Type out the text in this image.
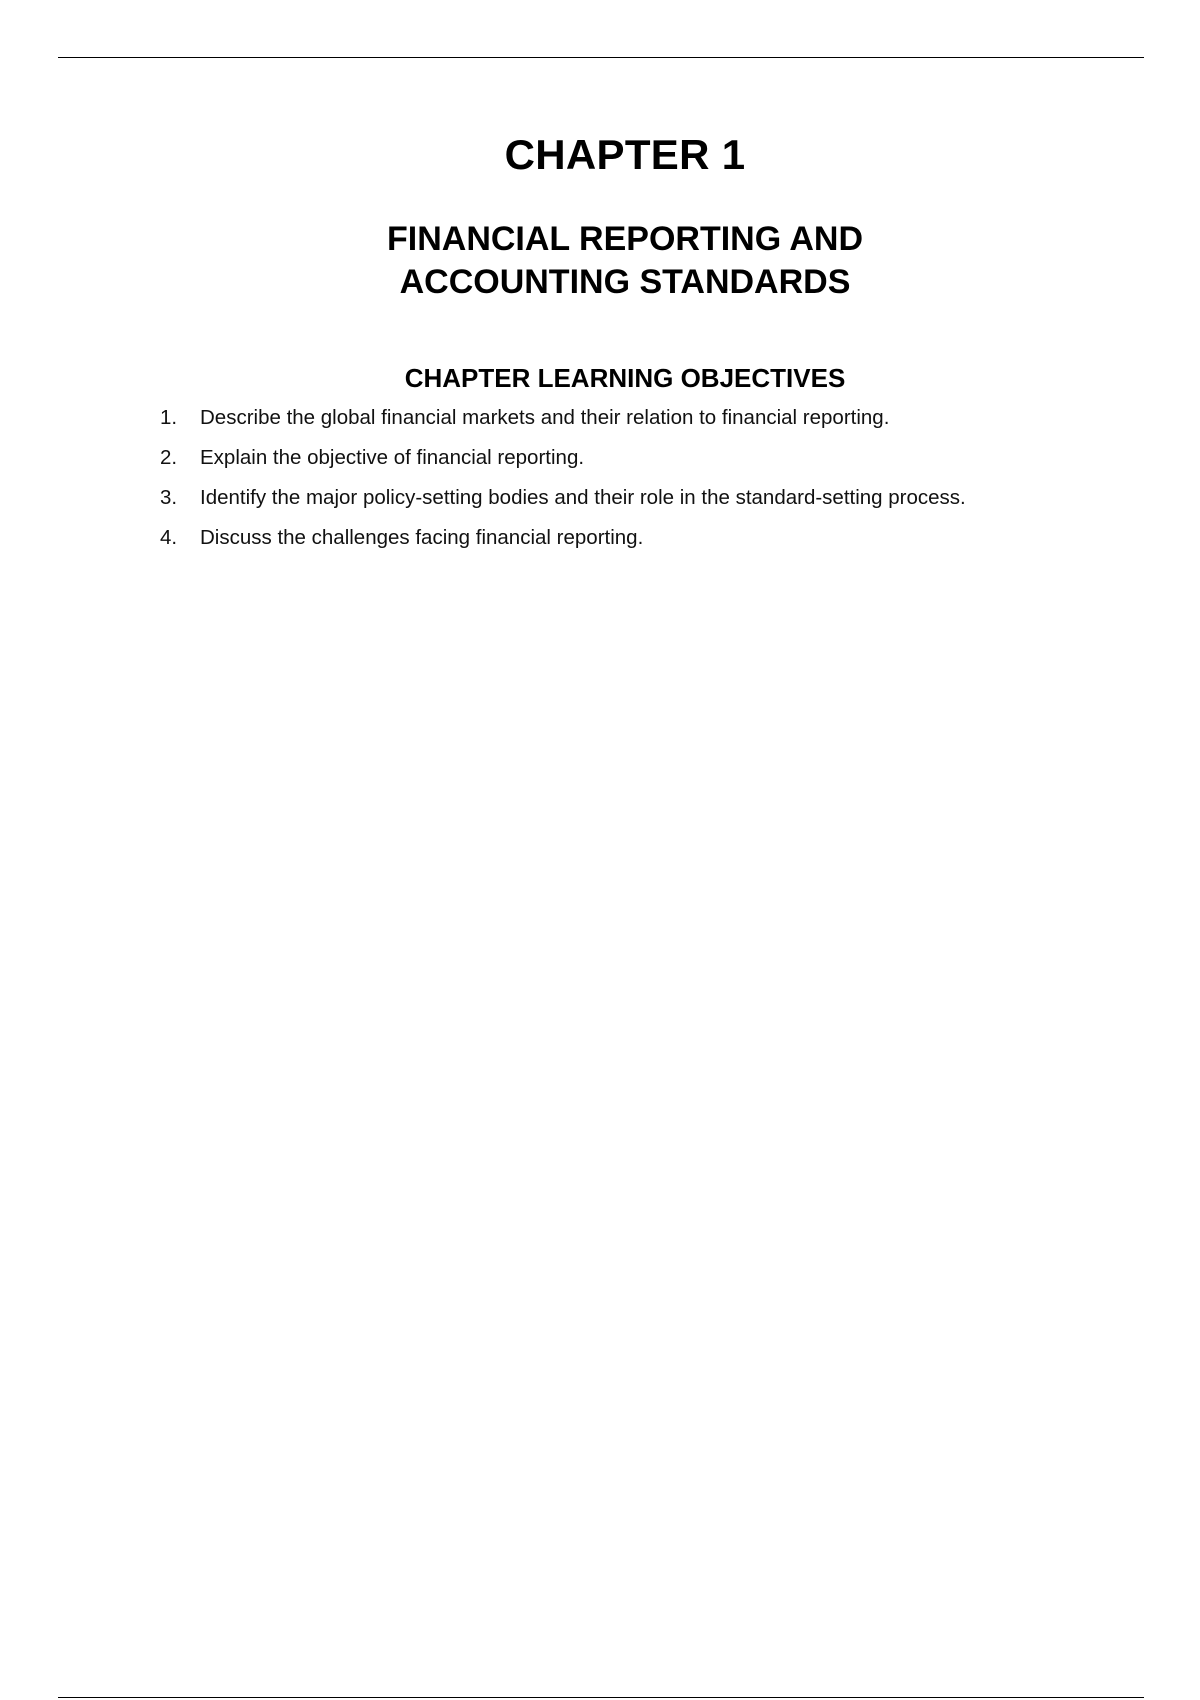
CHAPTER 1
FINANCIAL REPORTING AND
ACCOUNTING STANDARDS
CHAPTER LEARNING OBJECTIVES
1.	Describe the global financial markets and their relation to financial reporting.
2.	Explain the objective of financial reporting.
3.	Identify the major policy-setting bodies and their role in the standard-setting process.
4.	Discuss the challenges facing financial reporting.
